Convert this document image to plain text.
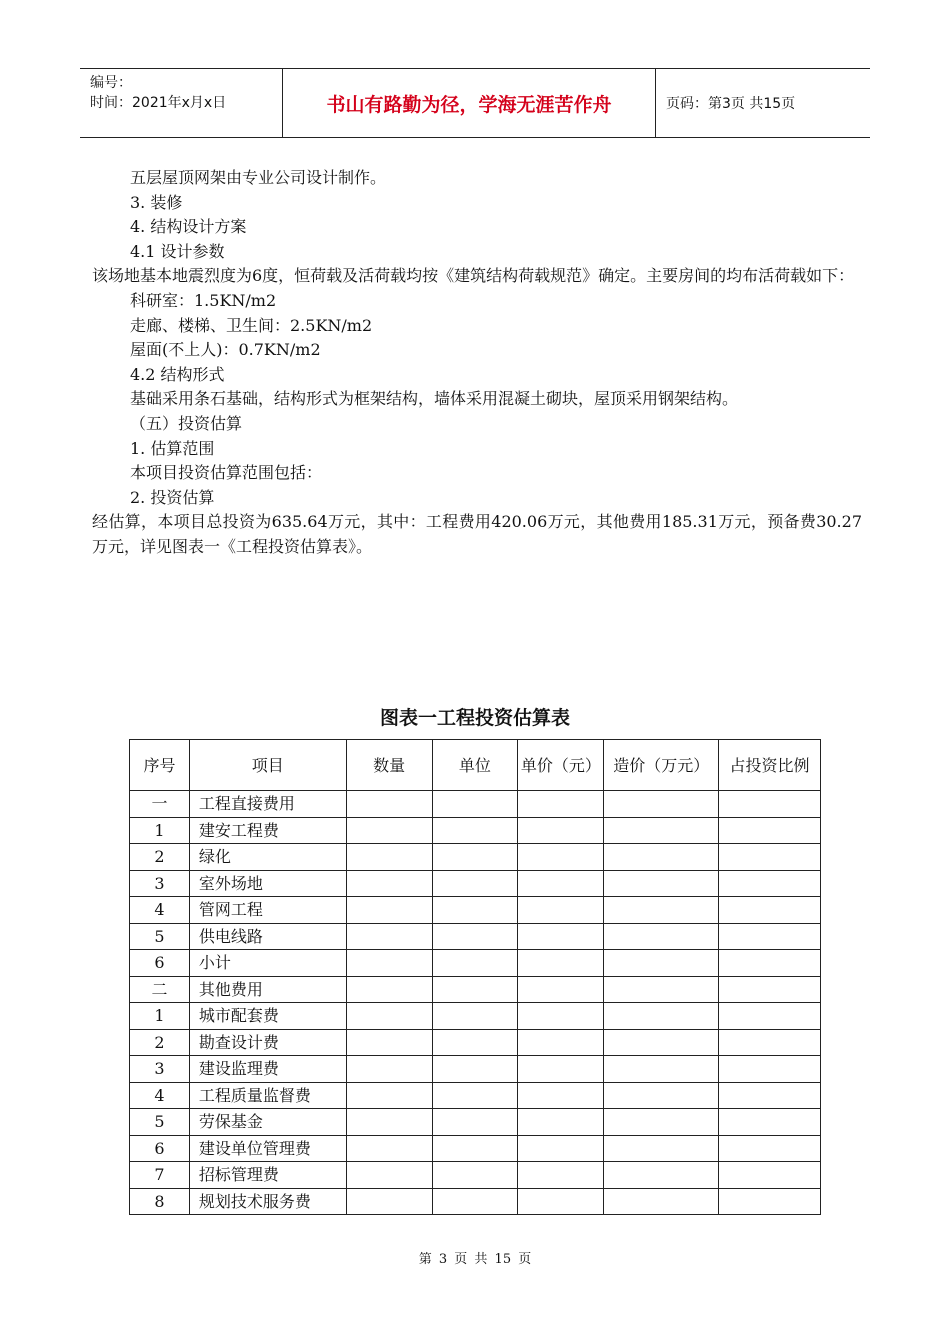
编号：
时间：2021年x月x日	书山有路勤为径，学海无涯苦作舟	页码：第3页 共15页
五层屋顶网架由专业公司设计制作。
3. 装修
4. 结构设计方案
4.1 设计参数
该场地基本地震烈度为6度，恒荷载及活荷载均按《建筑结构荷载规范》确定。主要房间的均布活荷载如下：
科研室：1.5KN/m2
走廊、楼梯、卫生间：2.5KN/m2
屋面(不上人)：0.7KN/m2
4.2 结构形式
基础采用条石基础，结构形式为框架结构，墙体采用混凝土砌块，屋顶采用钢架结构。
（五）投资估算
1. 估算范围
本项目投资估算范围包括：
2. 投资估算
经估算，本项目总投资为635.64万元，其中：工程费用420.06万元，其他费用185.31万元，预备费30.27万元，详见图表一《工程投资估算表》。
图表一工程投资估算表
序号	项目	数量	单位	单价（元）	造价（万元）	占投资比例
一	工程直接费用					
1	建安工程费					
2	绿化					
3	室外场地					
4	管网工程					
5	供电线路					
6	小计					
二	其他费用					
1	城市配套费					
2	勘查设计费					
3	建设监理费					
4	工程质量监督费					
5	劳保基金					
6	建设单位管理费					
7	招标管理费					
8	规划技术服务费					
第 3 页 共 15 页
